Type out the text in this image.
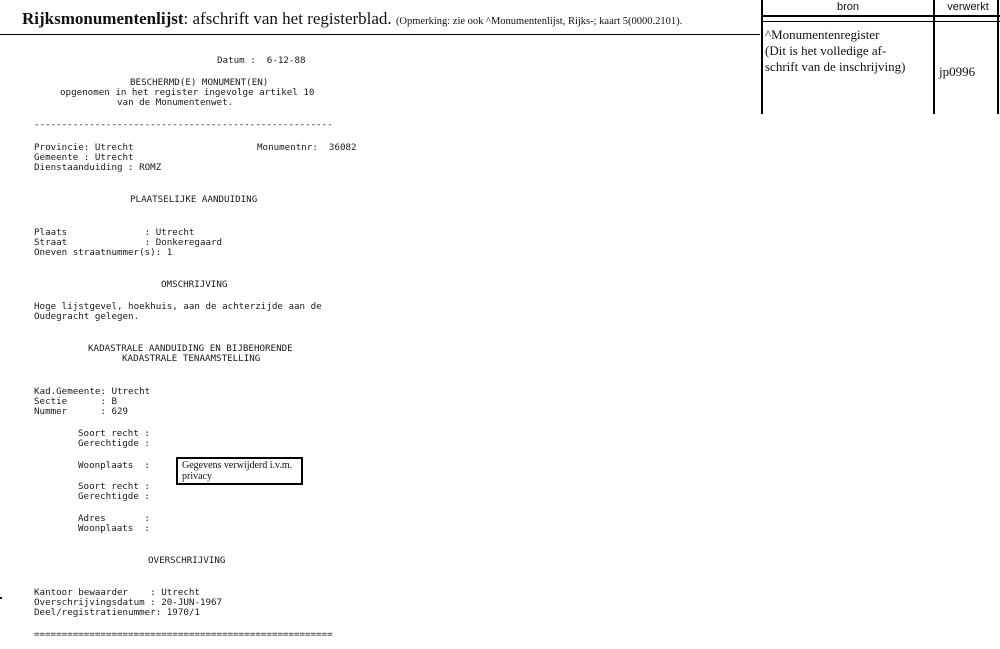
Rijksmonumentenlijst: afschrift van het registerblad. (Opmerking: zie ook ^Monumentenlijst, Rijks-; kaart 5(0000.2101).
bron	verwerkt
^Monumentenregister
(Dit is het volledige af-
schrift van de inschrijving)	jp0996
Datum :  6-12-88
BESCHERMD(E) MONUMENT(EN)
opgenomen in het register ingevolge artikel 10
van de Monumentenwet.
------------------------------------------------------
Provincie: Utrecht	Monumentnr:  36082
Gemeente : Utrecht
Dienstaanduiding : ROMZ
PLAATSELIJKE AANDUIDING
Plaats              : Utrecht
Straat              : Donkeregaard
Oneven straatnummer(s): 1
OMSCHRIJVING
Hoge lijstgevel, hoekhuis, aan de achterzijde aan de
Oudegracht gelegen.
KADASTRALE AANDUIDING EN BIJBEHORENDE
KADASTRALE TENAAMSTELLING
Kad.Gemeente: Utrecht
Sectie      : B
Nummer      : 629
Soort recht :
Gerechtigde :
Woonplaats  :	Gegevens verwijderd i.v.m. privacy
Soort recht :
Gerechtigde :
Adres       :
Woonplaats  :
OVERSCHRIJVING
Kantoor bewaarder    : Utrecht
Overschrijvingsdatum : 20-JUN-1967
Deel/registratienummer: 1970/1
======================================================
